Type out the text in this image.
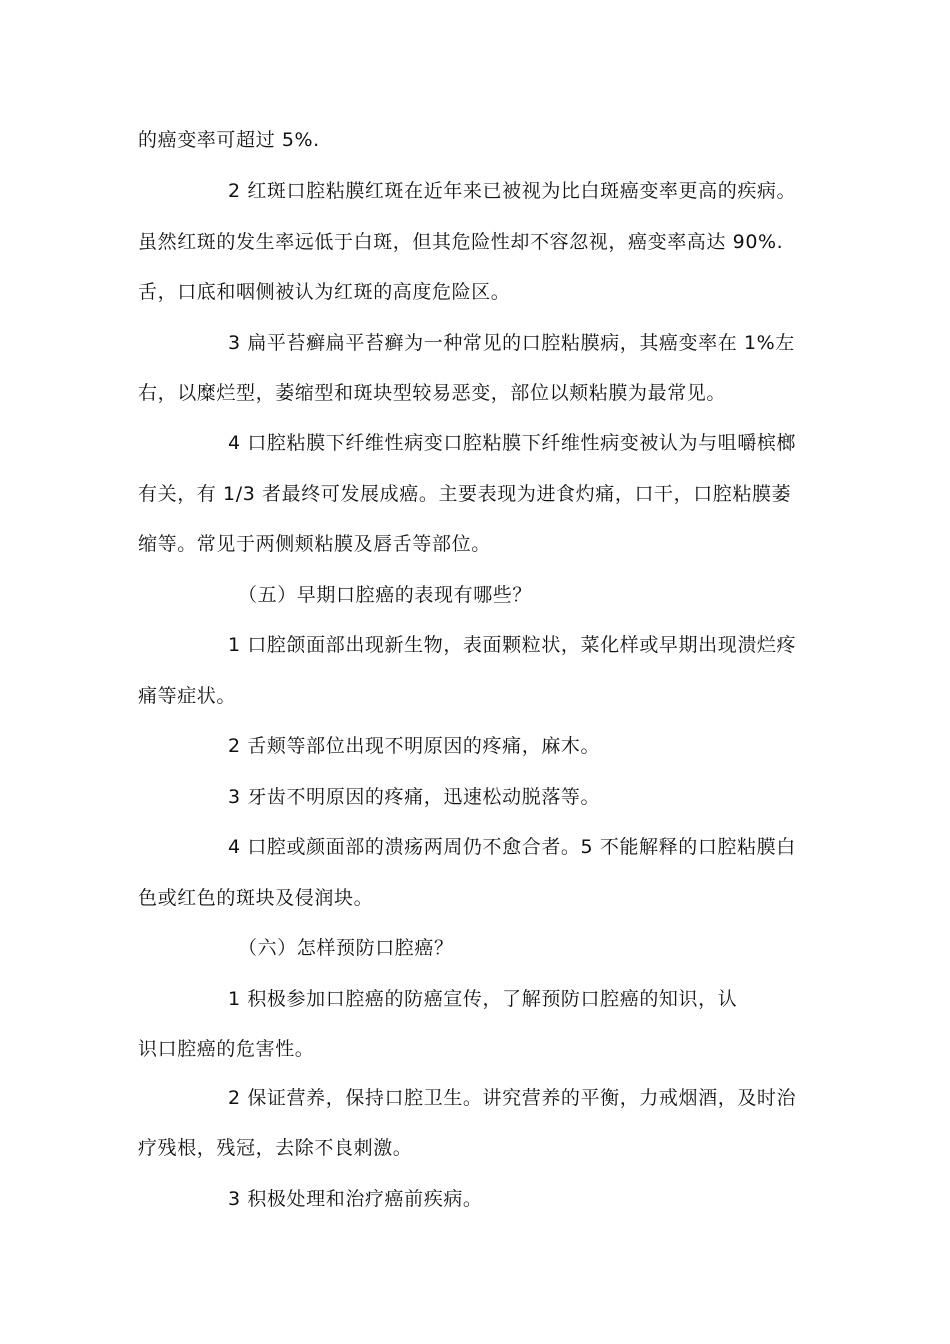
的癌变率可超过 5%.
2 红斑口腔粘膜红斑在近年来已被视为比白斑癌变率更高的疾病。
虽然红斑的发生率远低于白斑，但其危险性却不容忽视，癌变率高达 90%.
舌，口底和咽侧被认为红斑的高度危险区。
3 扁平苔癣扁平苔癣为一种常见的口腔粘膜病，其癌变率在 1%左
右，以糜烂型，萎缩型和斑块型较易恶变，部位以颊粘膜为最常见。
4 口腔粘膜下纤维性病变口腔粘膜下纤维性病变被认为与咀嚼槟榔
有关，有 1/3 者最终可发展成癌。主要表现为进食灼痛，口干，口腔粘膜萎
缩等。常见于两侧颊粘膜及唇舌等部位。
（五）早期口腔癌的表现有哪些？
1 口腔颌面部出现新生物，表面颗粒状，菜化样或早期出现溃烂疼
痛等症状。
2 舌颊等部位出现不明原因的疼痛，麻木。
3 牙齿不明原因的疼痛，迅速松动脱落等。
4 口腔或颜面部的溃疡两周仍不愈合者。5 不能解释的口腔粘膜白
色或红色的斑块及侵润块。
（六）怎样预防口腔癌？
1 积极参加口腔癌的防癌宣传，了解预防口腔癌的知识，认
识口腔癌的危害性。
2 保证营养，保持口腔卫生。讲究营养的平衡，力戒烟酒，及时治
疗残根，残冠，去除不良刺激。
3 积极处理和治疗癌前疾病。
